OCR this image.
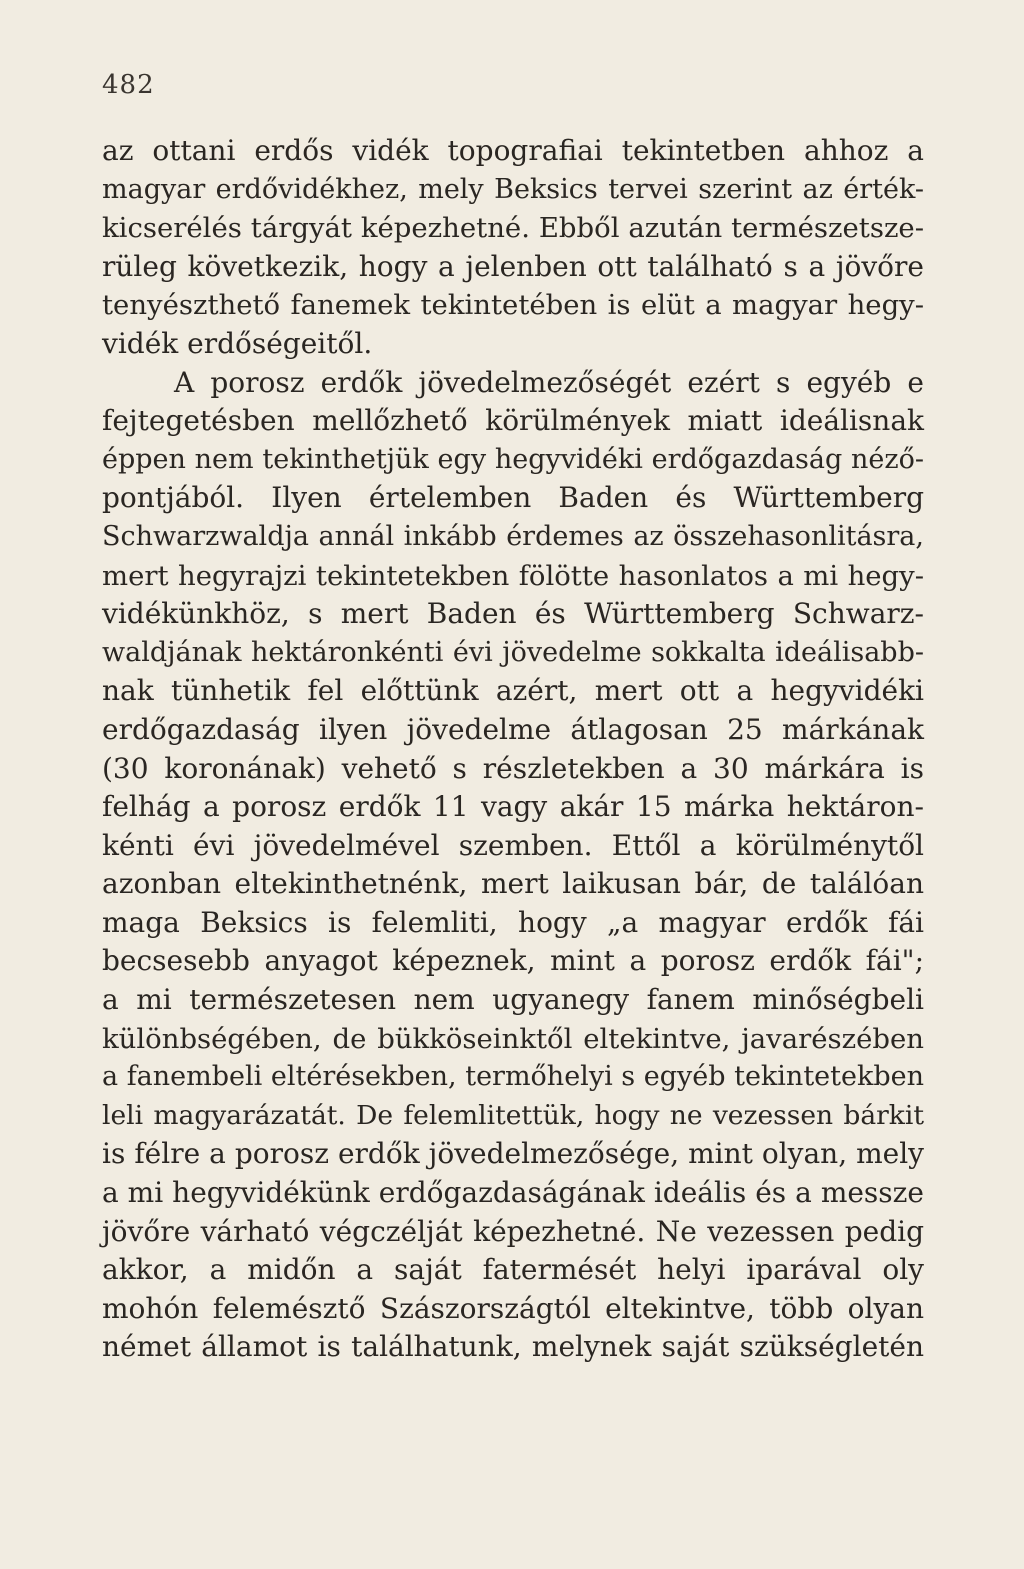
482
az ottani erdős vidék topografiai tekintetben ahhoz a
magyar erdővidékhez, mely Beksics tervei szerint az érték-
kicserélés tárgyát képezhetné. Ebből azután természetsze-
rüleg következik, hogy a jelenben ott található s a jövőre
tenyészthető fanemek tekintetében is elüt a magyar hegy-
vidék erdőségeitől.
A porosz erdők jövedelmezőségét ezért s egyéb e
fejtegetésben mellőzhető körülmények miatt ideálisnak
éppen nem tekinthetjük egy hegyvidéki erdőgazdaság néző-
pontjából. Ilyen értelemben Baden és Württemberg
Schwarzwaldja annál inkább érdemes az összehasonlitásra,
mert hegyrajzi tekintetekben fölötte hasonlatos a mi hegy-
vidékünkhöz, s mert Baden és Württemberg Schwarz-
waldjának hektáronkénti évi jövedelme sokkalta ideálisabb-
nak tünhetik fel előttünk azért, mert ott a hegyvidéki
erdőgazdaság ilyen jövedelme átlagosan 25 márkának
(30 koronának) vehető s részletekben a 30 márkára is
felhág a porosz erdők 11 vagy akár 15 márka hektáron-
kénti évi jövedelmével szemben. Ettől a körülménytől
azonban eltekinthetnénk, mert laikusan bár, de találóan
maga Beksics is felemliti, hogy „a magyar erdők fái
becsesebb anyagot képeznek, mint a porosz erdők fái";
a mi természetesen nem ugyanegy fanem minőségbeli
különbségében, de bükköseinktől eltekintve, javarészében
a fanembeli eltérésekben, termőhelyi s egyéb tekintetekben
leli magyarázatát. De felemlitettük, hogy ne vezessen bárkit
is félre a porosz erdők jövedelmezősége, mint olyan, mely
a mi hegyvidékünk erdőgazdaságának ideális és a messze
jövőre várható végczélját képezhetné. Ne vezessen pedig
akkor, a midőn a saját fatermését helyi iparával oly
mohón felemésztő Szászországtól eltekintve, több olyan
német államot is találhatunk, melynek saját szükségletén
